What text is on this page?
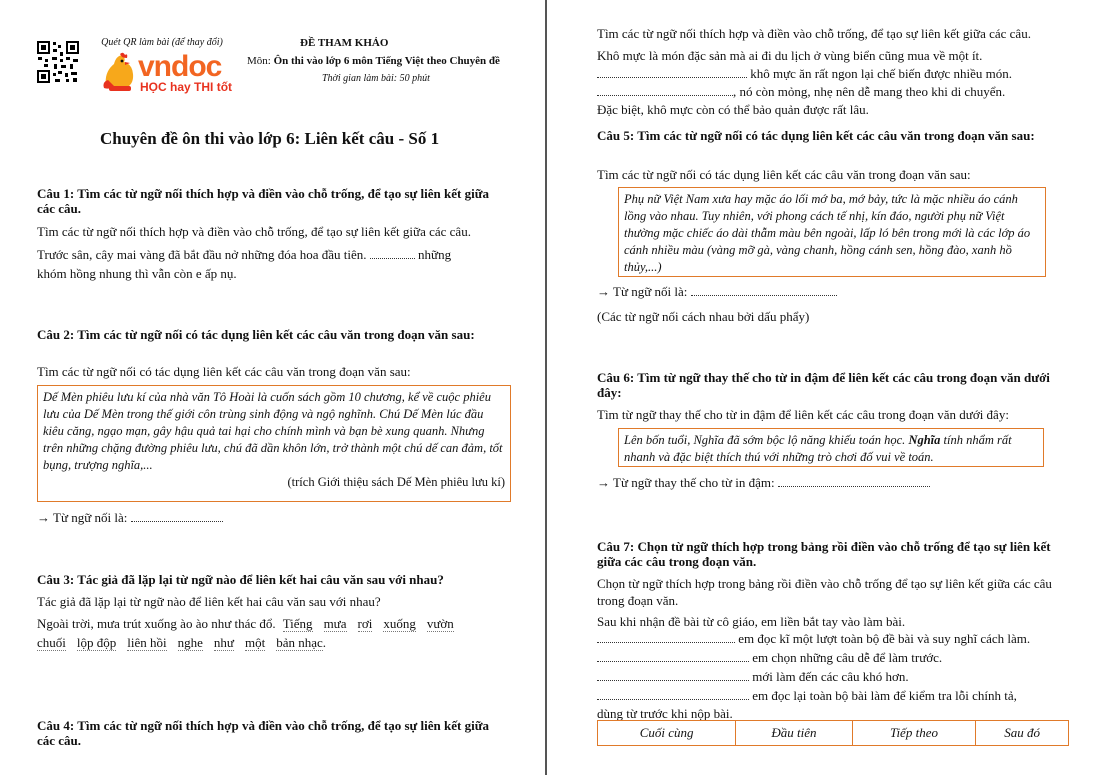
Quét QR làm bài (để thay đổi)
vndoc
HỌC hay THI tốt
ĐỀ THAM KHẢO
Môn: Ôn thi vào lớp 6 môn Tiếng Việt theo Chuyên đề
Thời gian làm bài: 50 phút
Chuyên đề ôn thi vào lớp 6: Liên kết câu - Số 1
Câu 1: Tìm các từ ngữ nối thích hợp và điền vào chỗ trống, để tạo sự liên kết giữa các câu.
Tìm các từ ngữ nối thích hợp và điền vào chỗ trống, để tạo sự liên kết giữa các câu.
Trước sân, cây mai vàng đã bắt đầu nở những đóa hoa đầu tiên.	những
khóm hồng nhung thì vẫn còn e ấp nụ.
Câu 2: Tìm các từ ngữ nối có tác dụng liên kết các câu văn trong đoạn văn sau:
Tìm các từ ngữ nối có tác dụng liên kết các câu văn trong đoạn văn sau:
Dế Mèn phiêu lưu kí của nhà văn Tô Hoài là cuốn sách gồm 10 chương, kể về cuộc phiêu lưu của Dế Mèn trong thế giới côn trùng sinh động và ngộ nghĩnh. Chú Dế Mèn lúc đầu kiêu căng, ngạo mạn, gây hậu quả tai hại cho chính mình và bạn bè xung quanh. Nhưng trên những chặng đường phiêu lưu, chú đã dần khôn lớn, trở thành một chú dế can đảm, tốt bụng, trượng nghĩa,...
(trích Giới thiệu sách Dế Mèn phiêu lưu kí)
→ Từ ngữ nối là:
Câu 3: Tác giả đã lặp lại từ ngữ nào để liên kết hai câu văn sau với nhau?
Tác giả đã lặp lại từ ngữ nào để liên kết hai câu văn sau với nhau?
Ngoài trời, mưa trút xuống ào ào như thác đổ. Tiếng mưa rơi xuống vườn
chuối lộp độp liên hồi nghe như một bản nhạc.
Câu 4: Tìm các từ ngữ nối thích hợp và điền vào chỗ trống, để tạo sự liên kết giữa các câu.
Tìm các từ ngữ nối thích hợp và điền vào chỗ trống, để tạo sự liên kết giữa các câu.
Khô mực là món đặc sản mà ai đi du lịch ở vùng biển cũng mua về một ít.
khô mực ăn rất ngon lại chế biến được nhiều món.
, nó còn mỏng, nhẹ nên dễ mang theo khi di chuyển.
Đặc biệt, khô mực còn có thể bảo quản được rất lâu.
Câu 5: Tìm các từ ngữ nối có tác dụng liên kết các câu văn trong đoạn văn sau:
Tìm các từ ngữ nối có tác dụng liên kết các câu văn trong đoạn văn sau:
Phụ nữ Việt Nam xưa hay mặc áo lối mớ ba, mớ bảy, tức là mặc nhiều áo cánh lồng vào nhau. Tuy nhiên, với phong cách tế nhị, kín đáo, người phụ nữ Việt thường mặc chiếc áo dài thẫm màu bên ngoài, lấp ló bên trong mới là các lớp áo cánh nhiều màu (vàng mỡ gà, vàng chanh, hồng cánh sen, hồng đào, xanh hồ thủy,...)
→ Từ ngữ nối là:
(Các từ ngữ nối cách nhau bởi dấu phẩy)
Câu 6: Tìm từ ngữ thay thế cho từ in đậm để liên kết các câu trong đoạn văn dưới đây:
Tìm từ ngữ thay thế cho từ in đậm để liên kết các câu trong đoạn văn dưới đây:
Lên bốn tuổi, Nghĩa đã sớm bộc lộ năng khiếu toán học. Nghĩa tính nhẩm rất nhanh và đặc biệt thích thú với những trò chơi đố vui về toán.
→ Từ ngữ thay thế cho từ in đậm:
Câu 7: Chọn từ ngữ thích hợp trong bảng rồi điền vào chỗ trống để tạo sự liên kết giữa các câu trong đoạn văn.
Chọn từ ngữ thích hợp trong bảng rồi điền vào chỗ trống để tạo sự liên kết giữa các câu trong đoạn văn.
Sau khi nhận đề bài từ cô giáo, em liền bắt tay vào làm bài.
em đọc kĩ một lượt toàn bộ đề bài và suy nghĩ cách làm.
em chọn những câu dễ để làm trước.
mới làm đến các câu khó hơn.
em đọc lại toàn bộ bài làm để kiểm tra lỗi chính tả,
dùng từ trước khi nộp bài.
Cuối cùng	Đầu tiên	Tiếp theo	Sau đó
